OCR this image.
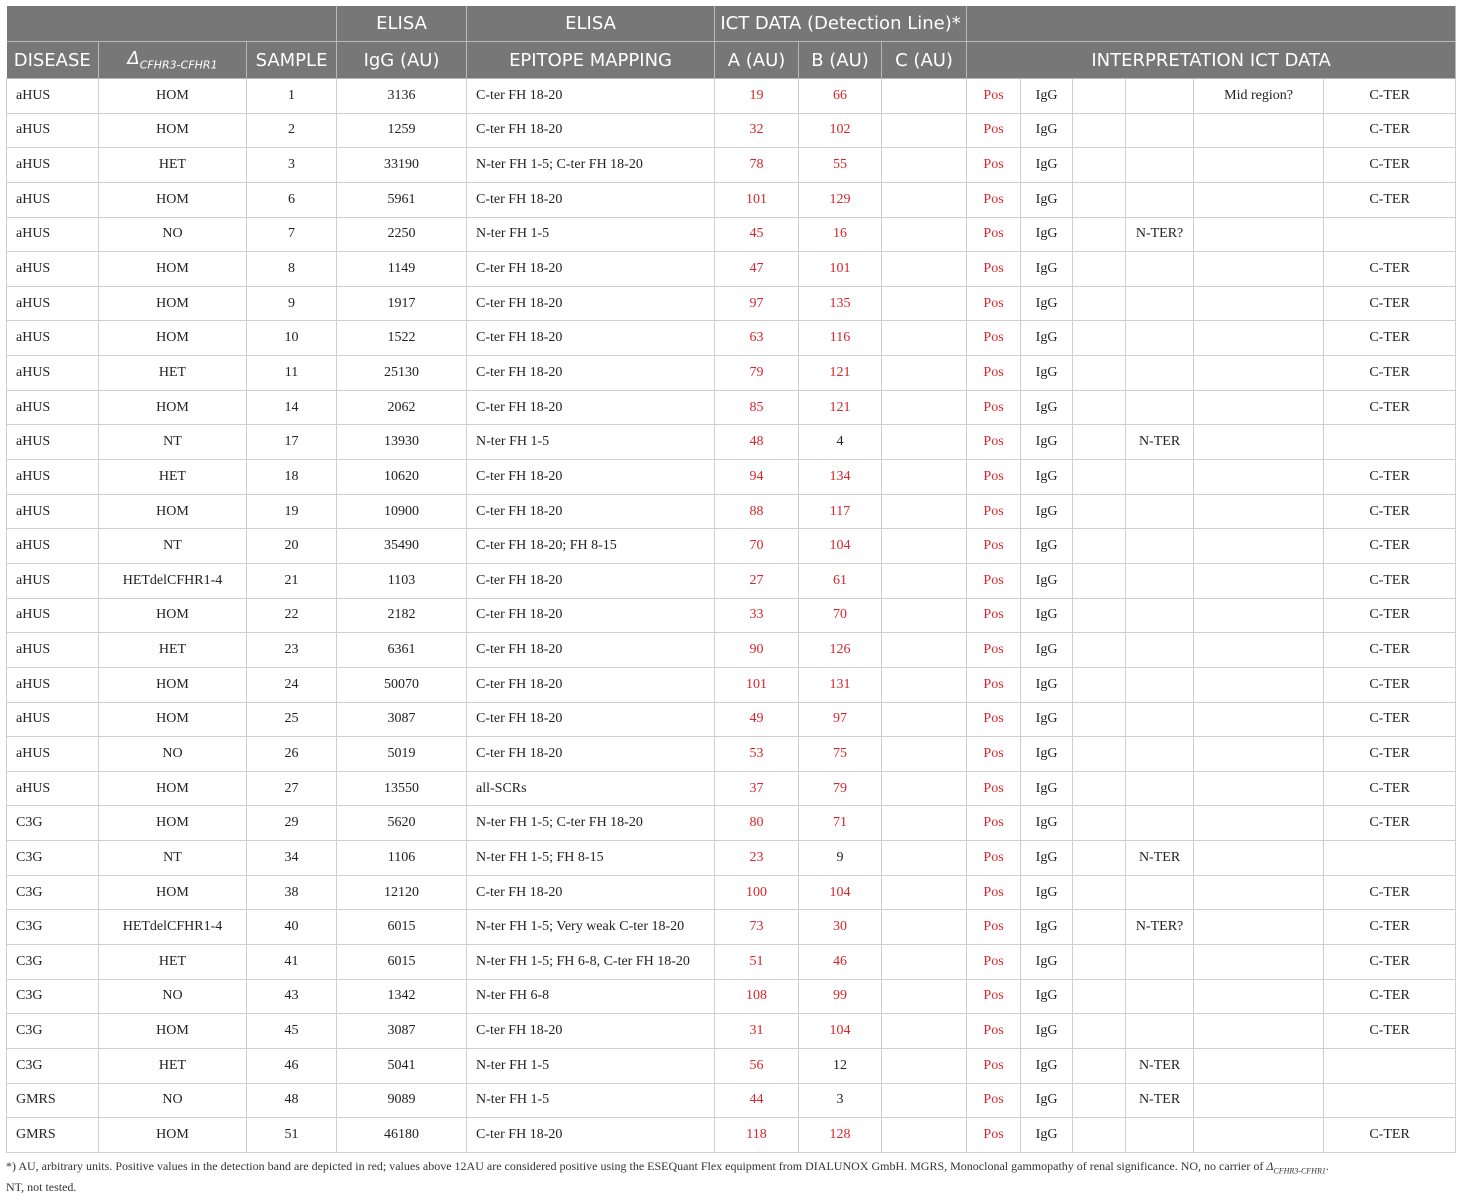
			ELISA	ELISA	ICT DATA (Detection Line)*								
DISEASE	$\Delta_{CFHR3-CFHR1}$	SAMPLE	IgG (AU)	EPITOPE MAPPING	A (AU)	B (AU)	C (AU)	INTERPRETATION ICT DATA					
aHUS	HOM	1	3136	C-ter FH 18-20	19	66		Pos	IgG			Mid region?	C-TER
aHUS	HOM	2	1259	C-ter FH 18-20	32	102		Pos	IgG				C-TER
aHUS	HET	3	33190	N-ter FH 1-5; C-ter FH 18-20	78	55		Pos	IgG				C-TER
aHUS	HOM	6	5961	C-ter FH 18-20	101	129		Pos	IgG				C-TER
aHUS	NO	7	2250	N-ter FH 1-5	45	16		Pos	IgG		N-TER?		
aHUS	HOM	8	1149	C-ter FH 18-20	47	101		Pos	IgG				C-TER
aHUS	HOM	9	1917	C-ter FH 18-20	97	135		Pos	IgG				C-TER
aHUS	HOM	10	1522	C-ter FH 18-20	63	116		Pos	IgG				C-TER
aHUS	HET	11	25130	C-ter FH 18-20	79	121		Pos	IgG				C-TER
aHUS	HOM	14	2062	C-ter FH 18-20	85	121		Pos	IgG				C-TER
aHUS	NT	17	13930	N-ter FH 1-5	48	4		Pos	IgG		N-TER		
aHUS	HET	18	10620	C-ter FH 18-20	94	134		Pos	IgG				C-TER
aHUS	HOM	19	10900	C-ter FH 18-20	88	117		Pos	IgG				C-TER
aHUS	NT	20	35490	C-ter FH 18-20; FH 8-15	70	104		Pos	IgG				C-TER
aHUS	HETdelCFHR1-4	21	1103	C-ter FH 18-20	27	61		Pos	IgG				C-TER
aHUS	HOM	22	2182	C-ter FH 18-20	33	70		Pos	IgG				C-TER
aHUS	HET	23	6361	C-ter FH 18-20	90	126		Pos	IgG				C-TER
aHUS	HOM	24	50070	C-ter FH 18-20	101	131		Pos	IgG				C-TER
aHUS	HOM	25	3087	C-ter FH 18-20	49	97		Pos	IgG				C-TER
aHUS	NO	26	5019	C-ter FH 18-20	53	75		Pos	IgG				C-TER
aHUS	HOM	27	13550	all-SCRs	37	79		Pos	IgG				C-TER
C3G	HOM	29	5620	N-ter FH 1-5; C-ter FH 18-20	80	71		Pos	IgG				C-TER
C3G	NT	34	1106	N-ter FH 1-5; FH 8-15	23	9		Pos	IgG		N-TER		
C3G	HOM	38	12120	C-ter FH 18-20	100	104		Pos	IgG				C-TER
C3G	HETdelCFHR1-4	40	6015	N-ter FH 1-5; Very weak C-ter 18-20	73	30		Pos	IgG		N-TER?		C-TER
C3G	HET	41	6015	N-ter FH 1-5; FH 6-8, C-ter FH 18-20	51	46		Pos	IgG				C-TER
C3G	NO	43	1342	N-ter FH 6-8	108	99		Pos	IgG				C-TER
C3G	HOM	45	3087	C-ter FH 18-20	31	104		Pos	IgG				C-TER
C3G	HET	46	5041	N-ter FH 1-5	56	12		Pos	IgG		N-TER		
GMRS	NO	48	9089	N-ter FH 1-5	44	3		Pos	IgG		N-TER		
GMRS	HOM	51	46180	C-ter FH 18-20	118	128		Pos	IgG				C-TER
*) AU, arbitrary units. Positive values in the detection band are depicted in red; values above 12AU are considered positive using the ESEQuant Flex equipment from DIALUNOX GmbH. MGRS, Monoclonal gammopathy of renal significance. NO, no carrier of $\Delta_{CFHR3-CFHR1}$.
NT, not tested.
